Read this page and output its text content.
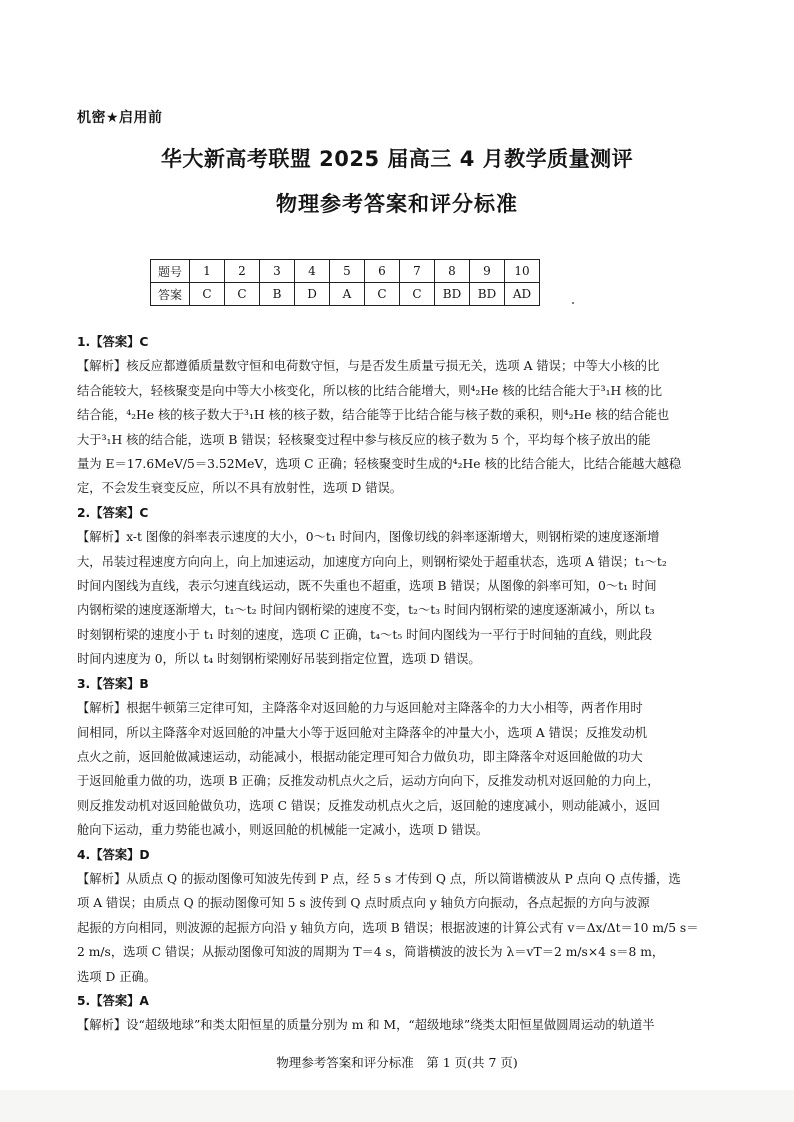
机密★启用前
华大新高考联盟 2025 届高三 4 月教学质量测评
物理参考答案和评分标准
题号	1	2	3	4	5	6	7	8	9	10
答案	C	C	B	D	A	C	C	BD	BD	AD

1.【答案】C

【解析】核反应都遵循质量数守恒和电荷数守恒，与是否发生质量亏损无关，选项 A 错误；中等大小核的比

结合能较大，轻核聚变是向中等大小核变化，所以核的比结合能增大，则⁴₂He 核的比结合能大于³₁H 核的比

结合能，⁴₂He 核的核子数大于³₁H 核的核子数，结合能等于比结合能与核子数的乘积，则⁴₂He 核的结合能也

大于³₁H 核的结合能，选项 B 错误；轻核聚变过程中参与核反应的核子数为 5 个，平均每个核子放出的能

量为 E＝17.6MeV/5＝3.52MeV，选项 C 正确；轻核聚变时生成的⁴₂He 核的比结合能大，比结合能越大越稳

定，不会发生衰变反应，所以不具有放射性，选项 D 错误。

2.【答案】C

【解析】x-t 图像的斜率表示速度的大小，0～t₁ 时间内，图像切线的斜率逐渐增大，则钢桁梁的速度逐渐增

大，吊装过程速度方向向上，向上加速运动，加速度方向向上，则钢桁梁处于超重状态，选项 A 错误；t₁～t₂

时间内图线为直线，表示匀速直线运动，既不失重也不超重，选项 B 错误；从图像的斜率可知，0～t₁ 时间

内钢桁梁的速度逐渐增大，t₁～t₂ 时间内钢桁梁的速度不变，t₂～t₃ 时间内钢桁梁的速度逐渐减小，所以 t₃

时刻钢桁梁的速度小于 t₁ 时刻的速度，选项 C 正确，t₄～t₅ 时间内图线为一平行于时间轴的直线，则此段

时间内速度为 0，所以 t₄ 时刻钢桁梁刚好吊装到指定位置，选项 D 错误。

3.【答案】B

【解析】根据牛顿第三定律可知，主降落伞对返回舱的力与返回舱对主降落伞的力大小相等，两者作用时

间相同，所以主降落伞对返回舱的冲量大小等于返回舱对主降落伞的冲量大小，选项 A 错误；反推发动机

点火之前，返回舱做减速运动，动能减小，根据动能定理可知合力做负功，即主降落伞对返回舱做的功大

于返回舱重力做的功，选项 B 正确；反推发动机点火之后，运动方向向下，反推发动机对返回舱的力向上，

则反推发动机对返回舱做负功，选项 C 错误；反推发动机点火之后，返回舱的速度减小，则动能减小，返回

舱向下运动，重力势能也减小，则返回舱的机械能一定减小，选项 D 错误。

4.【答案】D

【解析】从质点 Q 的振动图像可知波先传到 P 点，经 5 s 才传到 Q 点，所以简谐横波从 P 点向 Q 点传播，选

项 A 错误；由质点 Q 的振动图像可知 5 s 波传到 Q 点时质点向 y 轴负方向振动，各点起振的方向与波源

起振的方向相同，则波源的起振方向沿 y 轴负方向，选项 B 错误；根据波速的计算公式有 v＝Δx/Δt＝10 m/5 s＝

2 m/s，选项 C 错误；从振动图像可知波的周期为 T＝4 s，简谐横波的波长为 λ＝vT＝2 m/s×4 s＝8 m，

选项 D 正确。

5.【答案】A

【解析】设“超级地球”和类太阳恒星的质量分别为 m 和 M，“超级地球”绕类太阳恒星做圆周运动的轨道半

物理参考答案和评分标准　第 1 页(共 7 页)
